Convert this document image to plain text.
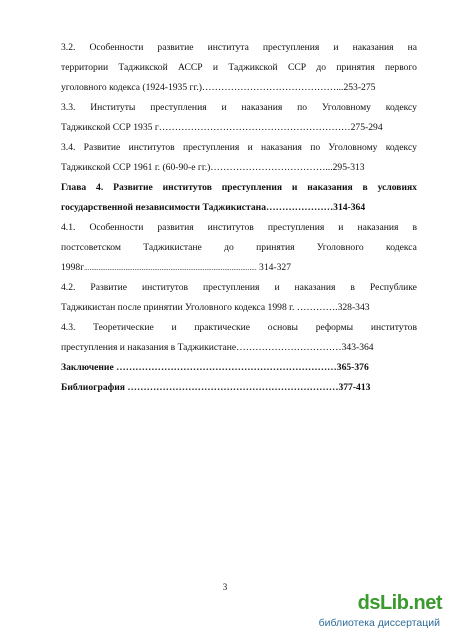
3.2. Особенности развитие института преступления и наказания на
территории Таджикской АССР и Таджикской ССР до принятия первого
уголовного кодекса (1924-1935 гг.)……………………………………...253-275
3.3. Институты преступления и наказания по Уголовному кодексу
Таджикской ССР 1935 г……………………………………………………275-294
3.4. Развитие институтов преступления и наказания по Уголовному кодексу
Таджикской ССР 1961 г. (60-90-е гг.)………………………………...295-313
Глава 4. Развитие институтов преступления и наказания в условиях
государственной независимости Таджикистана…………………314-364
4.1. Особенности развития институтов преступления и наказания в
постсоветском Таджикистане до принятия Уголовного кодекса
1998г................................................................................................ 314-327
4.2. Развитие институтов преступления и наказания в Республике
Таджикистан после принятии Уголовного кодекса 1998 г. ………….328-343
4.3. Теоретические и практические основы реформы институтов
преступления и наказания в Таджикистане……………………………343-364
Заключение ……………………………………………………………365-376
Библиография …………………………………………………………377-413
3
dsLib.net
библиотека диссертаций
